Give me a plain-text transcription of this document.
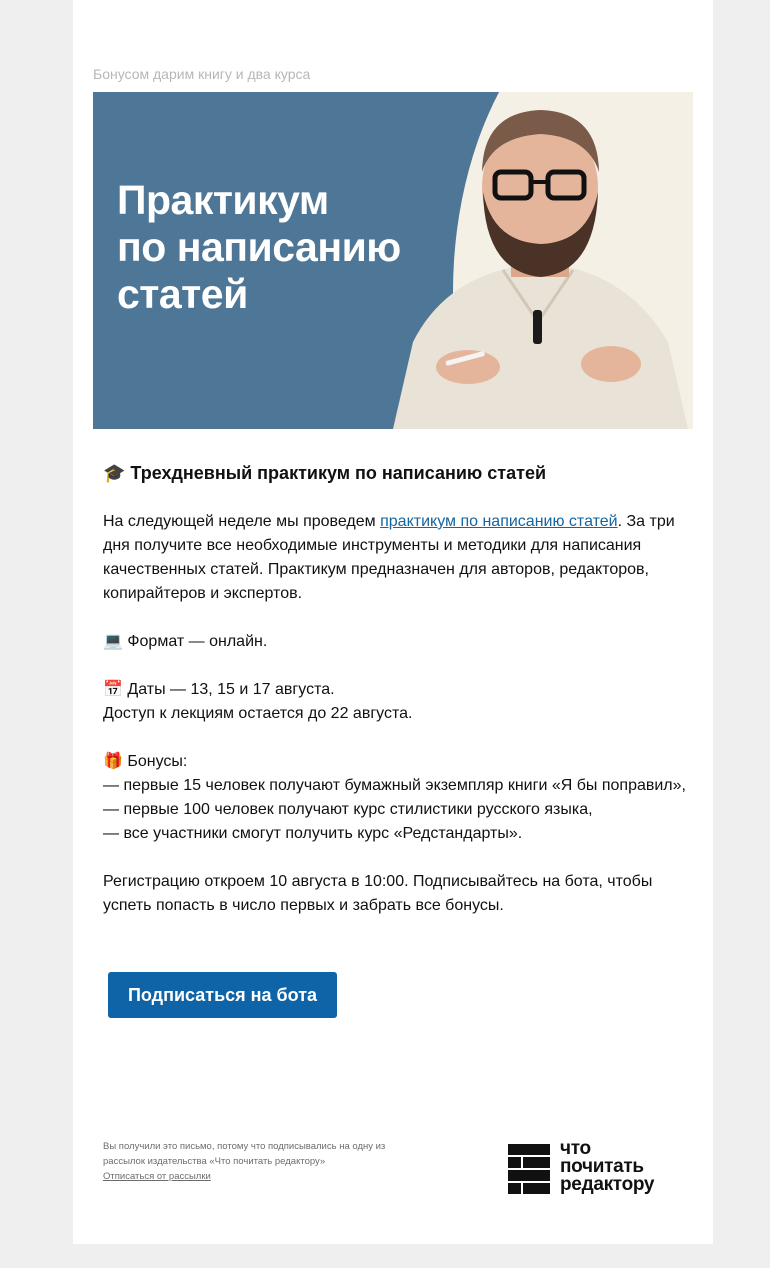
Бонусом дарим книгу и два курса
Практикум
по написанию
статей
🎓 Трехдневный практикум по написанию статей

На следующей неделе мы проведем практикум по написанию статей. За три дня получите все необходимые инструменты и методики для написания качественных статей. Практикум предназначен для авторов, редакторов, копирайтеров и экспертов.

💻 Формат — онлайн.

📅 Даты — 13, 15 и 17 августа.
Доступ к лекциям остается до 22 августа.

🎁 Бонусы:
— первые 15 человек получают бумажный экземпляр книги «Я бы поправил»,
— первые 100 человек получают курс стилистики русского языка,
— все участники смогут получить курс «Редстандарты».

Регистрацию откроем 10 августа в 10:00. Подписывайтесь на бота, чтобы успеть попасть в число первых и забрать все бонусы.

Подписаться на бота
Вы получили это письмо, потому что подписывались на одну из рассылок издательства «Что почитать редактору»
Отписаться от рассылки
что
почитать
редактору
